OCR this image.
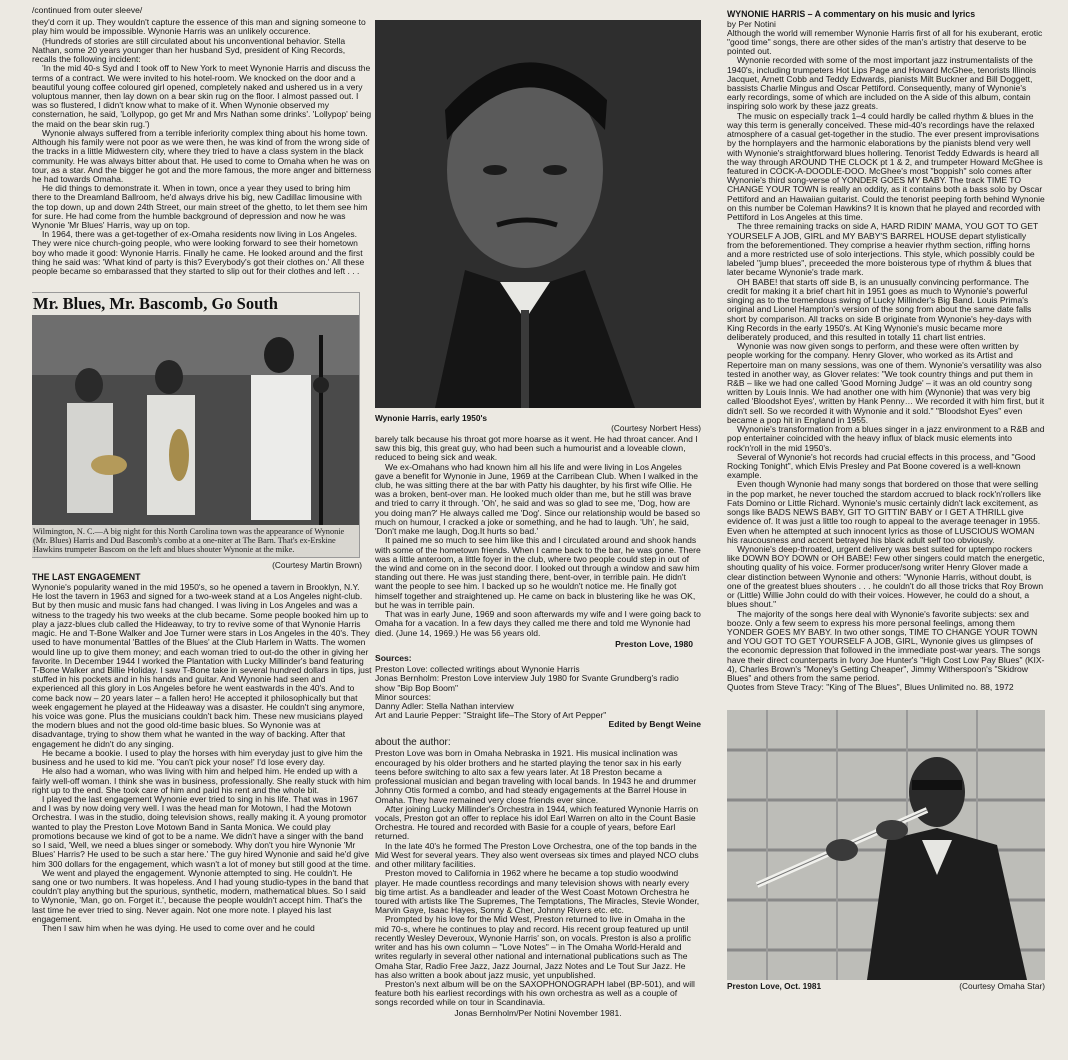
/continued from outer sleeve/

they'd corn it up. They wouldn't capture the essence of this man and signing someone to play him would be impossible. Wynonie Harris was an unlikely occurence.

(Hundreds of stories are still circulated about his unconventional behavior. Stella Nathan, some 20 years younger than her husband Syd, president of King Records, recalls the following incident:

'In the mid 40-s Syd and I took off to New York to meet Wynonie Harris and discuss the terms of a contract. We were invited to his hotel-room. We knocked on the door and a beautiful young coffee coloured girl opened, completely naked and ushered us in a very voluptous manner, then lay down on a bear skin rug on the floor. I almost passed out. I was so flustered, I didn't know what to make of it. When Wynonie observed my consternation, he said, 'Lollypop, go get Mr and Mrs Nathan some drinks'. 'Lollypop' being the maid on the bear skin rug.')

Wynonie always suffered from a terrible inferiority complex thing about his home town. Although his family were not poor as we were then, he was kind of from the wrong side of the tracks in a little Midwestern city, where they tried to have a class system in the black community. He was always bitter about that. He used to come to Omaha when he was on tour, as a star. And the bigger he got and the more famous, the more anger and bitterness he had towards Omaha.

He did things to demonstrate it. When in town, once a year they used to bring him there to the Dreamland Ballroom, he'd always drive his big, new Cadillac limousine with the top down, up and down 24th Street, our main street of the ghetto, to let them see him for sure. He had come from the humble background of depression and now he was Wynonie 'Mr Blues' Harris, way up on top.

In 1964, there was a get-together of ex-Omaha residents now living in Los Angeles. They were nice church-going people, who were looking forward to see their hometown boy who made it good: Wynonie Harris. Finally he came. He looked around and the first thing he said was: 'What kind of party is this? Everybody's got their clothes on.' All these people became so embarassed that they started to slip out for their clothes and left . . .

Mr. Blues, Mr. Bascomb, Go South
Wilmington, N. C.—A big night for this North Carolina town was the appearance of Wynonie (Mr. Blues) Harris and Dud Bascomb's combo at a one-niter at The Barn. That's ex-Erskine Hawkins trumpeter Bascom on the left and blues shouter Wynonie at the mike.
(Courtesy Martin Brown)

THE LAST ENGAGEMENT

Wynonie's popularity waned in the mid 1950's, so he opened a tavern in Brooklyn, N.Y. He lost the tavern in 1963 and signed for a two-week stand at a Los Angeles night-club. But by then music and music fans had changed. I was living in Los Angeles and was a witness to the tragedy his two weeks at the club became. Some people booked him up to play a jazz-blues club called the Hideaway, to try to revive some of that Wynonie Harris magic. He and T-Bone Walker and Joe Turner were stars in Los Angeles in the 40's. They used to have monumental 'Battles of the Blues' at the Club Harlem in Watts. The women would line up to give them money; and each woman tried to out-do the other in giving her favorite. In December 1944 I worked the Plantation with Lucky Millinder's band featuring T-Bone Walker and Billie Holiday. I saw T-Bone take in several hundred dollars in tips, just stuffed in his pockets and in his hands and guitar. And Wynonie had seen and experienced all this glory in Los Angeles before he went eastwards in the 40's. And to come back now – 20 years later – a fallen hero! He accepted it philosophically but that week engagement he played at the Hideaway was a disaster. He couldn't sing anymore, his voice was gone. Plus the musicians couldn't back him. These new musicians played the modern blues and not the good old-time basic blues. So Wynonie was at disadvantage, trying to show them what he wanted in the way of backing. After that engagement he didn't do any singing.

He became a bookie. I used to play the horses with him everyday just to give him the business and he used to kid me. 'You can't pick your nose!' I'd lose every day.

He also had a woman, who was living with him and helped him. He ended up with a fairly well-off woman. I think she was in business, professionally. She really stuck with him right up to the end. She took care of him and paid his rent and the whole bit.

I played the last engagement Wynonie ever tried to sing in his life. That was in 1967 and I was by now doing very well. I was the head man for Motown, I had the Motown Orchestra. I was in the studio, doing television shows, really making it. A young promotor wanted to play the Preston Love Motown Band in Santa Monica. We could play promotions because we kind of got to be a name. We didn't have a singer with the band so I said, 'Well, we need a blues singer or somebody. Why don't you hire Wynonie 'Mr Blues' Harris? He used to be such a star here.' The guy hired Wynonie and said he'd give him 300 dollars for the engagement, which wasn't a lot of money but still good at the time.

We went and played the engagement. Wynonie attempted to sing. He couldn't. He sang one or two numbers. It was hopeless. And I had young studio-types in the band that couldn't play anything but the spurious, synthetic, modern, mathematical blues. So I said to Wynonie, 'Man, go on. Forget it.', because the people wouldn't accept him. That's the last time he ever tried to sing. Never again. Not one more note. I played his last engagement.

Then I saw him when he was dying. He used to come over and he could

Wynonie Harris, early 1950's
(Courtesy Norbert Hess)

barely talk because his throat got more hoarse as it went. He had throat cancer. And I saw this big, this great guy, who had been such a humourist and a loveable clown, reduced to being sick and weak.

We ex-Omahans who had known him all his life and were living in Los Angeles gave a benefit for Wynonie in June, 1969 at the Carribean Club. When I walked in the club, he was sitting there at the bar with Patty his daughter, by his first wife Ollie. He was a broken, bent-over man. He looked much older than me, but he still was brave and tried to carry it through. 'Oh', he said and was so glad to see me, 'Dog, how are you doing man?' He always called me 'Dog'. Since our relationship would be based so much on humour, I cracked a joke or something, and he had to laugh. 'Uh', he said, 'Don't make me laugh, Dog.It hurts so bad.'

It pained me so much to see him like this and I circulated around and shook hands with some of the hometown friends. When I came back to the bar, he was gone. There was a little anteroom, a little foyer in the club, where two people could step in out of the wind and come on in the second door. I looked out through a window and saw him standing out there. He was just standing there, bent-over, in terrible pain. He didn't want the people to see him. I backed up so he wouldn't notice me. He finally got himself together and straightened up. He came on back in blustering like he was OK, but he was in terrible pain.

That was in early June, 1969 and soon afterwards my wife and I were going back to Omaha for a vacation. In a few days they called me there and told me Wynonie had died. (June 14, 1969.) He was 56 years old.

Preston Love, 1980

Sources:

Preston Love: collected writings about Wynonie Harris

Jonas Bernholm: Preston Love interview July 1980 for Svante Grundberg's radio show "Bip Bop Boom"

Minor sources:

Danny Adler: Stella Nathan interview

Art and Laurie Pepper: "Straight life–The Story of Art Pepper"

Edited by Bengt Weine

about the author:

Preston Love was born in Omaha Nebraska in 1921. His musical inclination was encouraged by his older brothers and he started playing the tenor sax in his early teens before switching to alto sax a few years later. At 18 Preston became a professional musician and began traveling with local bands. In 1943 he and drummer Johnny Otis formed a combo, and had steady engagements at the Barrel House in Omaha. They have remained very close friends ever since.

After joining Lucky Millinder's Orchestra in 1944, which featured Wynonie Harris on vocals, Preston got an offer to replace his idol Earl Warren on alto in the Count Basie Orchestra. He toured and recorded with Basie for a couple of years, before Earl returned.

In the late 40's he formed The Preston Love Orchestra, one of the top bands in the Mid West for several years. They also went overseas six times and played NCO clubs and other military facilities.

Preston moved to California in 1962 where he became a top studio woodwind player. He made countless recordings and many television shows with nearly every big time artist. As a bandleader and leader of the West Coast Motown Orchestra he toured with artists like The Supremes, The Temptations, The Miracles, Stevie Wonder, Marvin Gaye, Isaac Hayes, Sonny & Cher, Johnny Rivers etc. etc.

Prompted by his love for the Mid West, Preston returned to live in Omaha in the mid 70-s, where he continues to play and record. His recent group featured up until recently Wesley Deveroux, Wynonie Harris' son, on vocals. Preston is also a prolific writer and has his own column – "Love Notes" – in The Omaha World-Herald and writes regularly in several other national and international publications such as The Omaha Star, Radio Free Jazz, Jazz Journal, Jazz Notes and Le Tout Sur Jazz. He has also written a book about jazz music, yet unpublished.

Preston's next album will be on the SAXOPHONOGRAPH label (BP-501), and will feature both his earliest recordings with his own orchestra as well as a couple of songs recorded while on tour in Scandinavia.

Jonas Bernholm/Per Notini November 1981.

WYNONIE HARRIS – A commentary on his music and lyrics

by Per Notini

Although the world will remember Wynonie Harris first of all for his exuberant, erotic "good time" songs, there are other sides of the man's artistry that deserve to be pointed out.

Wynonie recorded with some of the most important jazz instrumentalists of the 1940's, including trumpeters Hot Lips Page and Howard McGhee, tenorists Illinois Jacquet, Arnett Cobb and Teddy Edwards, pianists Milt Buckner and Bill Doggett, bassists Charlie Mingus and Oscar Pettiford. Consequently, many of Wynonie's early recordings, some of which are included on the A side of this album, contain inspiring solo work by these jazz greats.

The music on especially track 1–4 could hardly be called rhythm & blues in the way this term is generally conceived. These mid-40's recordings have the relaxed atmosphere of a casual get-together in the studio. The ever present improvisations by the hornplayers and the harmonic elaborations by the pianists blend very well with Wynonie's straightforward blues hollering. Tenorist Teddy Edwards is heard all the way through AROUND THE CLOCK pt 1 & 2, and trumpeter Howard McGhee is featured in COCK-A-DOODLE-DOO. McGhee's most "boppish" solo comes after Wynonie's third song-verse of YONDER GOES MY BABY. The track TIME TO CHANGE YOUR TOWN is really an oddity, as it contains both a bass solo by Oscar Pettiford and an Hawaiian guitarist. Could the tenorist peeping forth behind Wynonie on this number be Coleman Hawkins? It is known that he played and recorded with Pettiford in Los Angeles at this time.

The three remaining tracks on side A, HARD RIDIN' MAMA, YOU GOT TO GET YOURSELF A JOB, GIRL and MY BABY'S BARREL HOUSE depart stylistically from the beforementioned. They comprise a heavier rhythm section, riffing horns and a more restricted use of solo interjections. This style, which possibly could be labeled "jump blues", preceeded the more boisterous type of rhythm & blues that later became Wynonie's trade mark.

OH BABE! that starts off side B, is an unusually convincing performance. The credit for making it a brief chart hit in 1951 goes as much to Wynonie's powerful singing as to the tremendous swing of Lucky Millinder's Big Band. Louis Prima's original and Lionel Hampton's version of the song from about the same date falls short by comparison. All tracks on side B originate from Wynonie's hey-days with King Records in the early 1950's. At King Wynonie's music became more deliberately produced, and this resulted in totally 11 chart list entries.

Wynonie was now given songs to perform, and these were often written by people working for the company. Henry Glover, who worked as its Artist and Repertoire man on many sessions, was one of them. Wynonie's versatility was also tested in another way, as Glover relates: "We took country things and put them in R&B – like we had one called 'Good Morning Judge' – it was an old country song written by Louis Innis. We had another one with him (Wynonie) that was very big called 'Bloodshot Eyes', written by Hank Penny… We recorded it with him first, but it didn't sell. So we recorded it with Wynonie and it sold." "Bloodshot Eyes" even became a pop hit in England in 1955.

Wynonie's transformation from a blues singer in a jazz environment to a R&B and pop entertainer coincided with the heavy influx of black music elements into rock'n'roll in the mid 1950's.

Several of Wynonie's hot records had crucial effects in this process, and "Good Rocking Tonight", which Elvis Presley and Pat Boone covered is a well-known example.

Even though Wynonie had many songs that bordered on those that were selling in the pop market, he never touched the stardom accrued to black rock'n'rollers like Fats Domino or Little Richard. Wynonie's music certainly didn't lack excitement, as songs like BADS NEWS BABY, GIT TO GITTIN' BABY or I GET A THRILL give evidence of. It was just a little too rough to appeal to the average teenager in 1955. Even when he attempted at such innocent lyrics as those of LUSCIOUS WOMAN his raucousness and accent betrayed his black adult self too obviously.

Wynonie's deep-throated, urgent delivery was best suited for uptempo rockers like DOWN BOY DOWN or OH BABE! Few other singers could match the energetic, shouting quality of his voice. Former producer/song writer Henry Glover made a clear distinction between Wynonie and others: "Wynonie Harris, without doubt, is one of the greatest blues shouters . . . he couldn't do all those tricks that Roy Brown or (Little) Willie John could do with their voices. However, he could do a shout, a blues shout."

The majority of the songs here deal with Wynonie's favorite subjects: sex and booze. Only a few seem to express his more personal feelings, among them YONDER GOES MY BABY. In two other songs, TIME TO CHANGE YOUR TOWN and YOU GOT TO GET YOURSELF A JOB, GIRL, Wynonie gives us glimpses of the economic depression that followed in the immediate post-war years. The songs have their direct counterparts in Ivory Joe Hunter's "High Cost Low Pay Blues" (KIX-4), Charles Brown's "Money's Getting Cheaper", Jimmy Witherspoon's "Skidrow Blues" and others from the same period.

Quotes from Steve Tracy: "King of The Blues", Blues Unlimited no. 88, 1972

Preston Love, Oct. 1981	(Courtesy Omaha Star)
